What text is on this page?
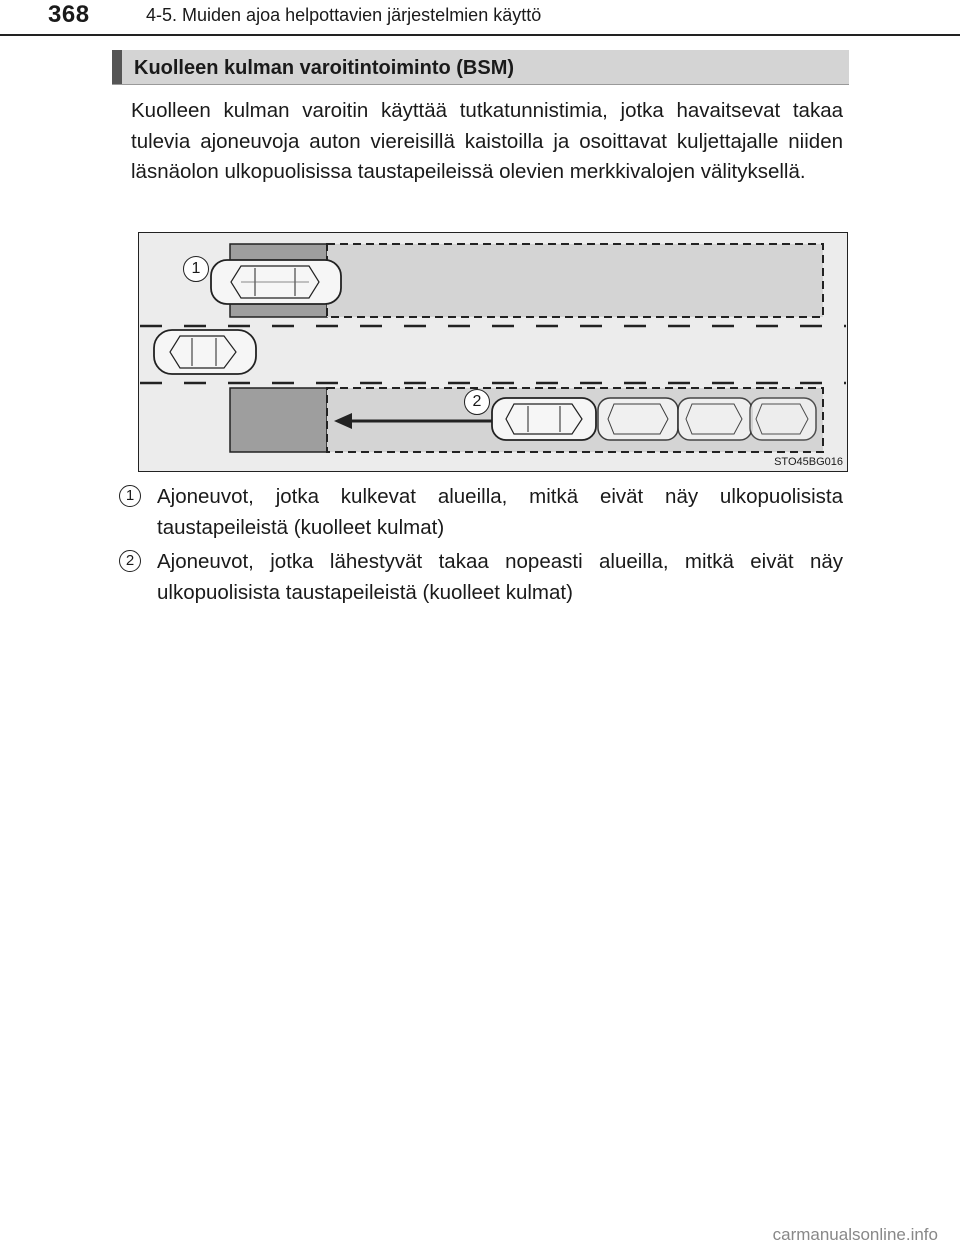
368	4-5. Muiden ajoa helpottavien järjestelmien käyttö
Kuolleen kulman varoitintoiminto (BSM)

Kuolleen kulman varoitin käyttää tutkatunnistimia, jotka havaitsevat takaa tulevia ajoneuvoja auton viereisillä kaistoilla ja osoittavat kuljettajalle niiden läsnäolon ulkopuolisissa taustapeileissä olevien merkkivalojen välityksellä.

1
2
STO45BG016
1	Ajoneuvot, jotka kulkevat alueilla, mitkä eivät näy ulkopuolisista taustapeileistä (kuolleet kulmat)

2	Ajoneuvot, jotka lähestyvät takaa nopeasti alueilla, mitkä eivät näy ulkopuolisista taustapeileistä (kuolleet kulmat)

carmanualsonline.info
